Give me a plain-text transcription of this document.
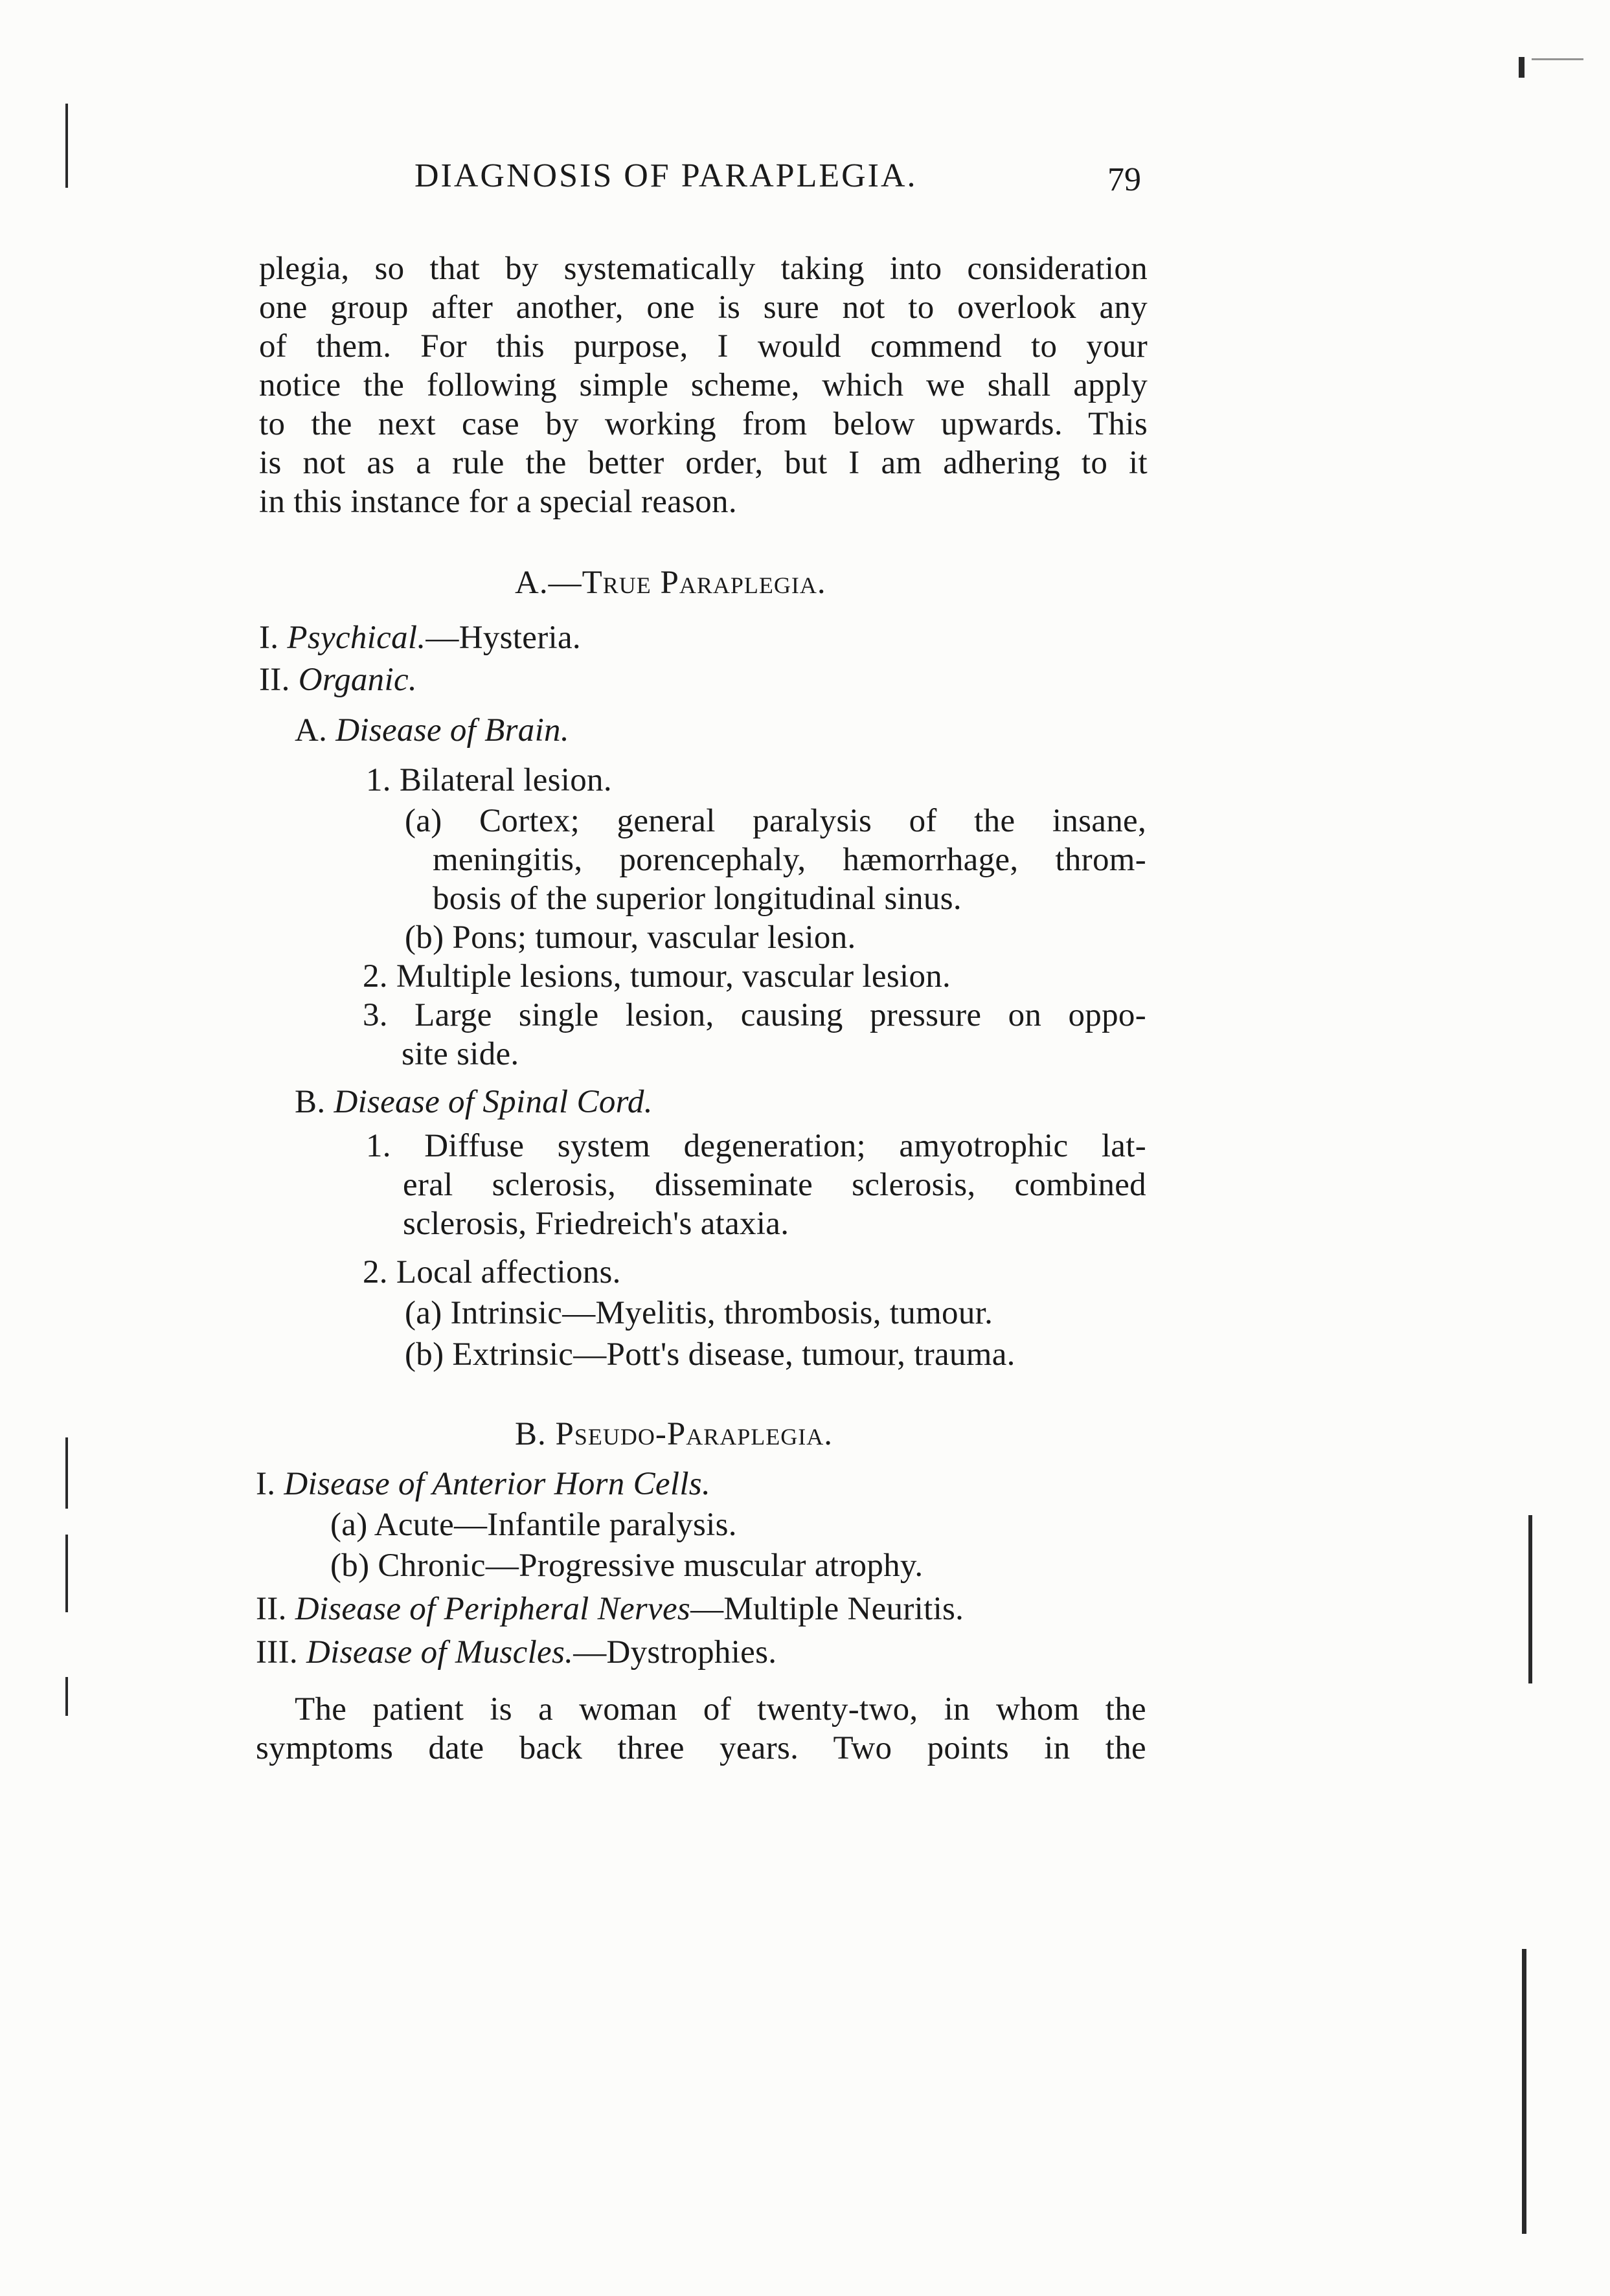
DIAGNOSIS OF PARAPLEGIA.	79
plegia, so that by systematically taking into consideration
one group after another, one is sure not to overlook any
of them. For this purpose, I would commend to your
notice the following simple scheme, which we shall apply
to the next case by working from below upwards. This
is not as a rule the better order, but I am adhering to it
in this instance for a special reason.
A.—True Paraplegia.
I. Psychical.—Hysteria.
II. Organic.
A. Disease of Brain.
1. Bilateral lesion.
(a) Cortex; general paralysis of the insane,
meningitis, porencephaly, hæmorrhage, throm-
bosis of the superior longitudinal sinus.
(b) Pons; tumour, vascular lesion.
2. Multiple lesions, tumour, vascular lesion.
3. Large single lesion, causing pressure on oppo-
site side.
B. Disease of Spinal Cord.
1. Diffuse system degeneration; amyotrophic lat-
eral sclerosis, disseminate sclerosis, combined
sclerosis, Friedreich's ataxia.
2. Local affections.
(a) Intrinsic—Myelitis, thrombosis, tumour.
(b) Extrinsic—Pott's disease, tumour, trauma.
B. Pseudo-Paraplegia.
I. Disease of Anterior Horn Cells.
(a) Acute—Infantile paralysis.
(b) Chronic—Progressive muscular atrophy.
II. Disease of Peripheral Nerves—Multiple Neuritis.
III. Disease of Muscles.—Dystrophies.
The patient is a woman of twenty-two, in whom the
symptoms date back three years. Two points in the
